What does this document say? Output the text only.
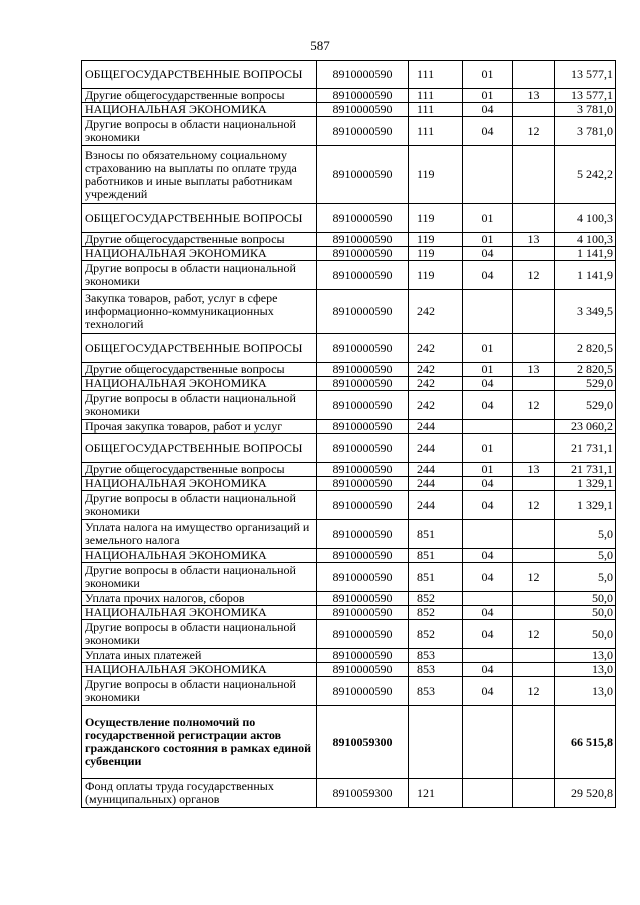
587
ОБЩЕГОСУДАРСТВЕННЫЕ ВОПРОСЫ	8910000590	111	01		13 577,1
Другие общегосударственные вопросы	8910000590	111	01	13	13 577,1
НАЦИОНАЛЬНАЯ ЭКОНОМИКА	8910000590	111	04		3 781,0
Другие вопросы в области национальной экономики	8910000590	111	04	12	3 781,0
Взносы по обязательному социальному страхованию на выплаты по оплате труда работников и иные выплаты работникам учреждений	8910000590	119			5 242,2
ОБЩЕГОСУДАРСТВЕННЫЕ ВОПРОСЫ	8910000590	119	01		4 100,3
Другие общегосударственные вопросы	8910000590	119	01	13	4 100,3
НАЦИОНАЛЬНАЯ ЭКОНОМИКА	8910000590	119	04		1 141,9
Другие вопросы в области национальной экономики	8910000590	119	04	12	1 141,9
Закупка товаров, работ, услуг в сфере информационно-коммуникационных технологий	8910000590	242			3 349,5
ОБЩЕГОСУДАРСТВЕННЫЕ ВОПРОСЫ	8910000590	242	01		2 820,5
Другие общегосударственные вопросы	8910000590	242	01	13	2 820,5
НАЦИОНАЛЬНАЯ ЭКОНОМИКА	8910000590	242	04		529,0
Другие вопросы в области национальной экономики	8910000590	242	04	12	529,0
Прочая закупка товаров, работ и услуг	8910000590	244			23 060,2
ОБЩЕГОСУДАРСТВЕННЫЕ ВОПРОСЫ	8910000590	244	01		21 731,1
Другие общегосударственные вопросы	8910000590	244	01	13	21 731,1
НАЦИОНАЛЬНАЯ ЭКОНОМИКА	8910000590	244	04		1 329,1
Другие вопросы в области национальной экономики	8910000590	244	04	12	1 329,1
Уплата налога на имущество организаций и земельного налога	8910000590	851			5,0
НАЦИОНАЛЬНАЯ ЭКОНОМИКА	8910000590	851	04		5,0
Другие вопросы в области национальной экономики	8910000590	851	04	12	5,0
Уплата прочих налогов, сборов	8910000590	852			50,0
НАЦИОНАЛЬНАЯ ЭКОНОМИКА	8910000590	852	04		50,0
Другие вопросы в области национальной экономики	8910000590	852	04	12	50,0
Уплата иных платежей	8910000590	853			13,0
НАЦИОНАЛЬНАЯ ЭКОНОМИКА	8910000590	853	04		13,0
Другие вопросы в области национальной экономики	8910000590	853	04	12	13,0
Осуществление полномочий по государственной регистрации актов гражданского состояния в рамках единой субвенции	8910059300				66 515,8
Фонд оплаты труда государственных (муниципальных) органов	8910059300	121			29 520,8
